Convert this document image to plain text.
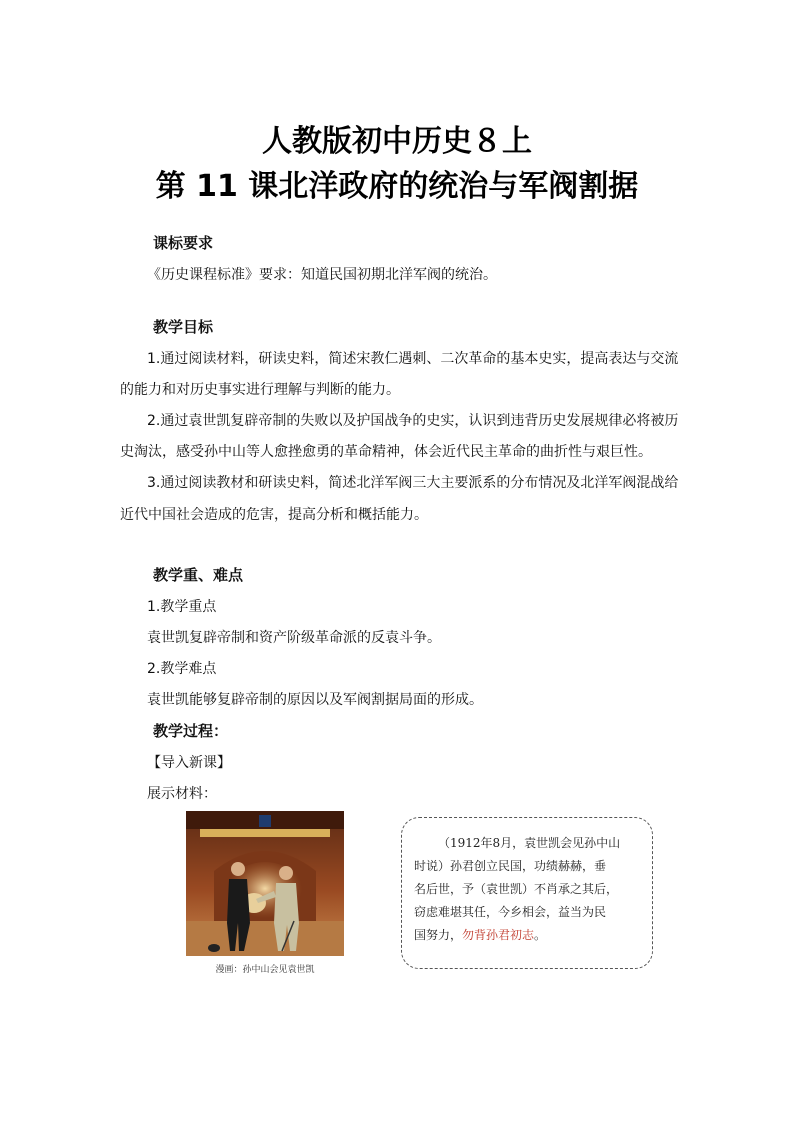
人教版初中历史８上
第 11 课北洋政府的统治与军阀割据
课标要求
《历史课程标准》要求：知道民国初期北洋军阀的统治。
教学目标
1.通过阅读材料，研读史料，简述宋教仁遇刺、二次革命的基本史实，提高表达与交流
的能力和对历史事实进行理解与判断的能力。
2.通过袁世凯复辟帝制的失败以及护国战争的史实，认识到违背历史发展规律必将被历
史淘汰，感受孙中山等人愈挫愈勇的革命精神，体会近代民主革命的曲折性与艰巨性。
3.通过阅读教材和研读史料，简述北洋军阀三大主要派系的分布情况及北洋军阀混战给
近代中国社会造成的危害，提高分析和概括能力。
教学重、难点
1.教学重点
袁世凯复辟帝制和资产阶级革命派的反袁斗争。
2.教学难点
袁世凯能够复辟帝制的原因以及军阀割据局面的形成。
教学过程：
【导入新课】
展示材料：
漫画：孙中山会见袁世凯
（1912年8月，袁世凯会见孙中山
时说）孙君创立民国，功绩赫赫，垂
名后世，予（袁世凯）不肖承之其后，
窃虑难堪其任，今乡相会，益当为民
国努力，勿背孙君初志。
